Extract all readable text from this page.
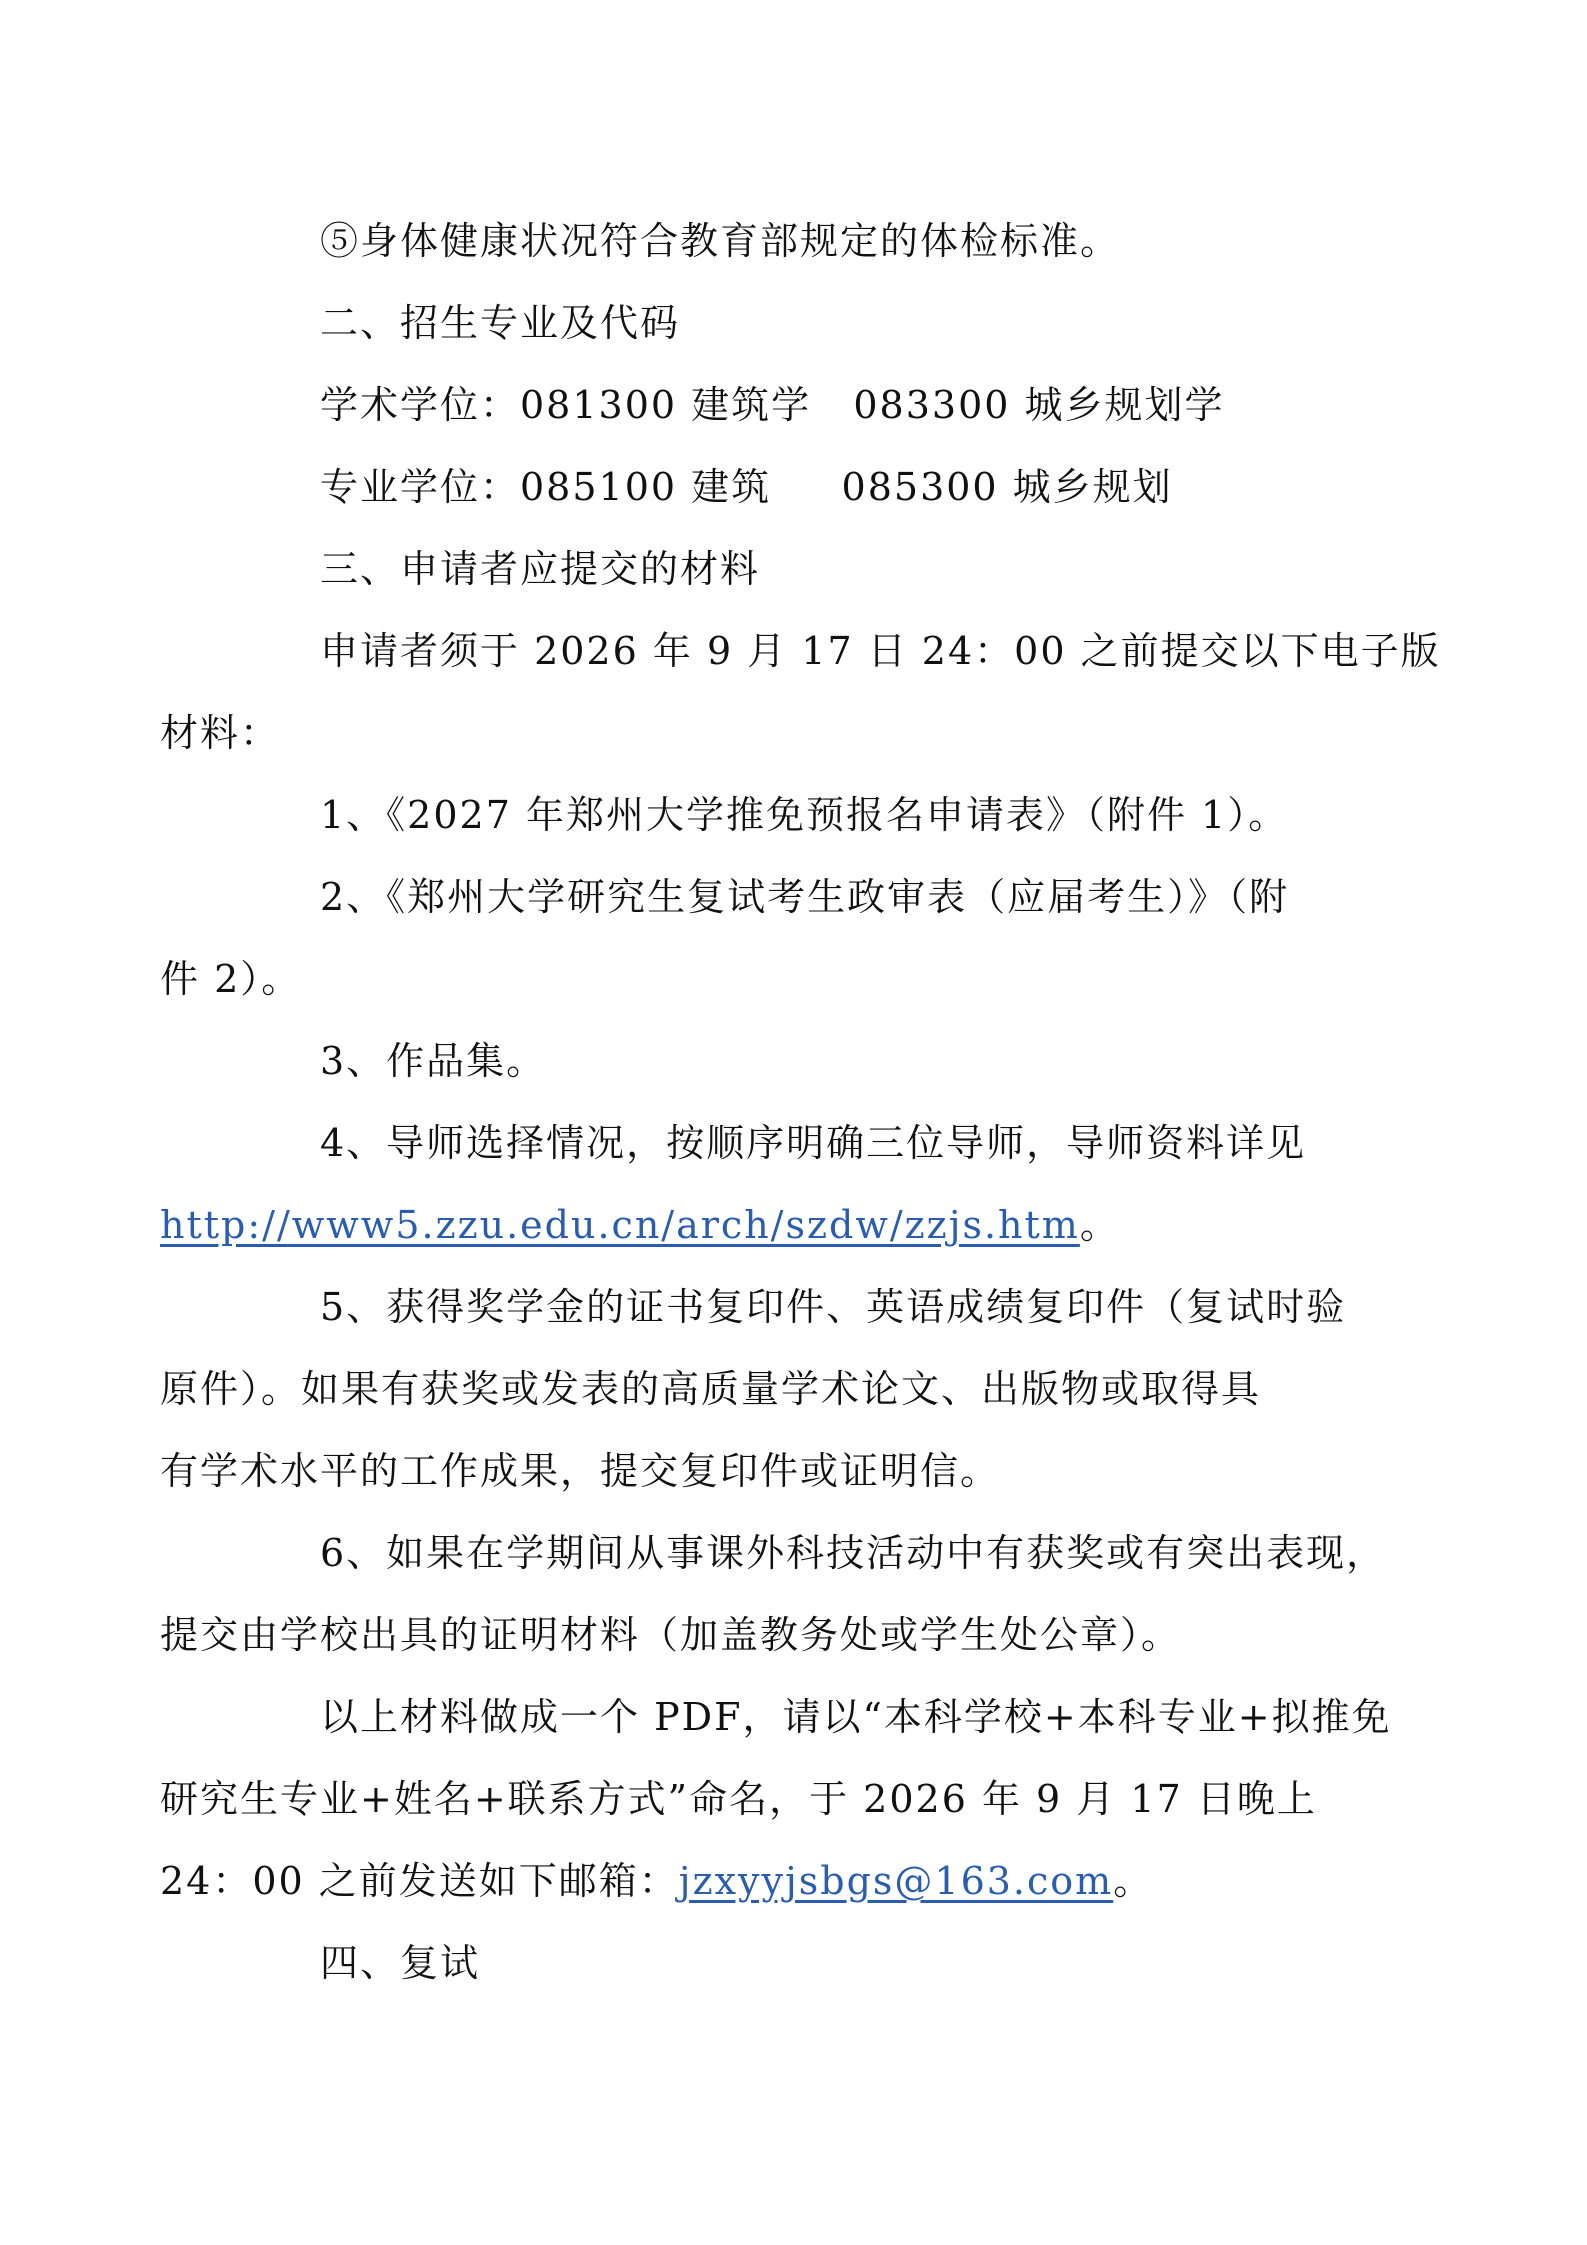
⑤身体健康状况符合教育部规定的体检标准。

二、招生专业及代码

学术学位：081300 建筑学   083300 城乡规划学

专业学位：085100 建筑     085300 城乡规划

三、申请者应提交的材料

申请者须于 2026 年 9 月 17 日 24：00 之前提交以下电子版

材料：

1、《2027 年郑州大学推免预报名申请表》（附件 1）。

2、《郑州大学研究生复试考生政审表（应届考生）》（附

件 2）。

3、作品集。

4、导师选择情况，按顺序明确三位导师，导师资料详见

http://www5.zzu.edu.cn/arch/szdw/zzjs.htm。

5、获得奖学金的证书复印件、英语成绩复印件（复试时验

原件）。如果有获奖或发表的高质量学术论文、出版物或取得具

有学术水平的工作成果，提交复印件或证明信。

6、如果在学期间从事课外科技活动中有获奖或有突出表现，

提交由学校出具的证明材料（加盖教务处或学生处公章）。

以上材料做成一个 PDF，请以“本科学校+本科专业+拟推免

研究生专业+姓名+联系方式”命名，于 2026 年 9 月 17 日晚上

24：00 之前发送如下邮箱：jzxyyjsbgs@163.com。

四、复试
